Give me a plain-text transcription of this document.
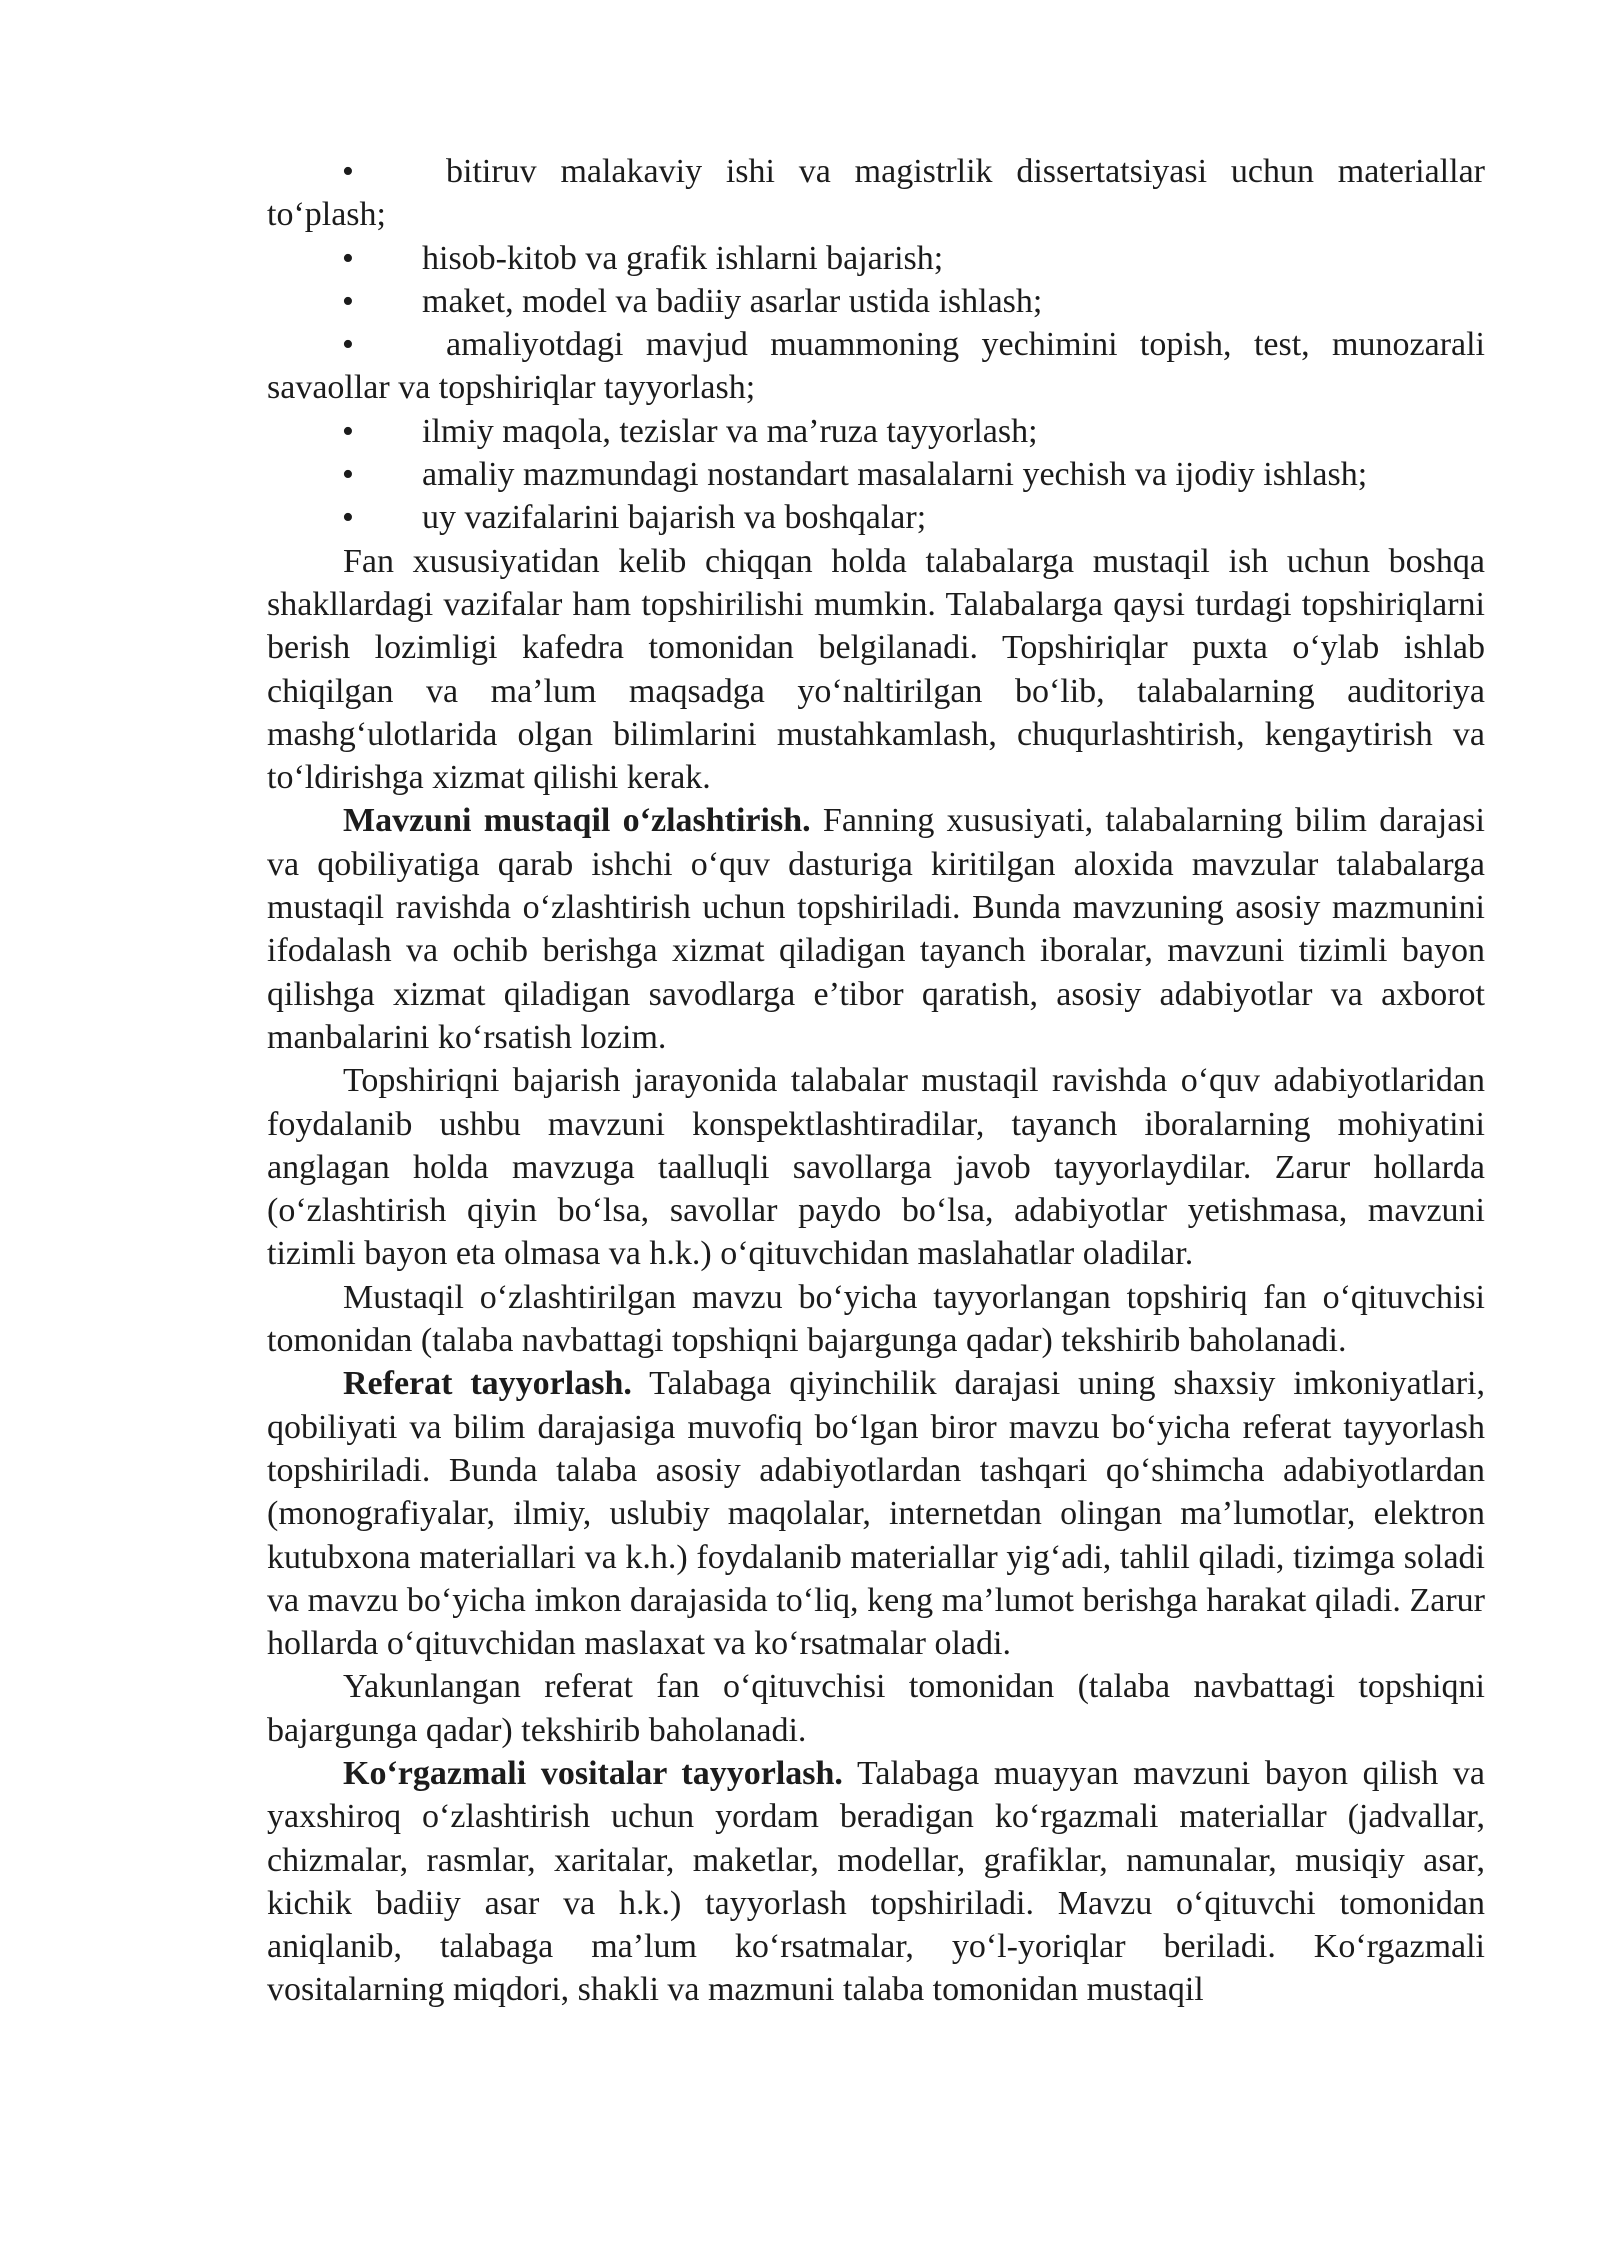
•	bitiruv malakaviy ishi va magistrlik dissertatsiyasi uchun materiallar to‘plash;

• hisob-kitob va grafik ishlarni bajarish;

• maket, model va badiiy asarlar ustida ishlash;

•	amaliyotdagi mavjud muammoning yechimini topish, test, munozarali savaollar va topshiriqlar tayyorlash;

• ilmiy maqola, tezislar va ma’ruza tayyorlash;

• amaliy mazmundagi nostandart masalalarni yechish va ijodiy ishlash;

• uy vazifalarini bajarish va boshqalar;

Fan xususiyatidan kelib chiqqan holda talabalarga mustaqil ish uchun boshqa shakllardagi vazifalar ham topshirilishi mumkin. Talabalarga qaysi turdagi topshiriqlarni berish lozimligi kafedra tomonidan belgilanadi. Topshiriqlar puxta o‘ylab ishlab chiqilgan va ma’lum maqsadga yo‘naltirilgan bo‘lib, talabalarning auditoriya mashg‘ulotlarida olgan bilimlarini mustahkamlash, chuqurlashtirish, kengaytirish va to‘ldirishga xizmat qilishi kerak.

Mavzuni mustaqil o‘zlashtirish. Fanning xususiyati, talabalarning bilim darajasi va qobiliyatiga qarab ishchi o‘quv dasturiga kiritilgan aloxida mavzular talabalarga mustaqil ravishda o‘zlashtirish uchun topshiriladi. Bunda mavzuning asosiy mazmunini ifodalash va ochib berishga xizmat qiladigan tayanch iboralar, mavzuni tizimli bayon qilishga xizmat qiladigan savodlarga e’tibor qaratish, asosiy adabiyotlar va axborot manbalarini ko‘rsatish lozim.

Topshiriqni bajarish jarayonida talabalar mustaqil ravishda o‘quv adabiyotlaridan foydalanib ushbu mavzuni konspektlashtiradilar, tayanch iboralarning mohiyatini anglagan holda mavzuga taalluqli savollarga javob tayyorlaydilar. Zarur hollarda (o‘zlashtirish qiyin bo‘lsa, savollar paydo bo‘lsa, adabiyotlar yetishmasa, mavzuni tizimli bayon eta olmasa va h.k.) o‘qituvchidan maslahatlar oladilar.

Mustaqil o‘zlashtirilgan mavzu bo‘yicha tayyorlangan topshiriq fan o‘qituvchisi tomonidan (talaba navbattagi topshiqni bajargunga qadar) tekshirib baholanadi.

Referat tayyorlash. Talabaga qiyinchilik darajasi uning shaxsiy imkoniyatlari, qobiliyati va bilim darajasiga muvofiq bo‘lgan biror mavzu bo‘yicha referat tayyorlash topshiriladi. Bunda talaba asosiy adabiyotlardan tashqari qo‘shimcha adabiyotlardan (monografiyalar, ilmiy, uslubiy maqolalar, internetdan olingan ma’lumotlar, elektron kutubxona materiallari va k.h.) foydalanib materiallar yig‘adi, tahlil qiladi, tizimga soladi va mavzu bo‘yicha imkon darajasida to‘liq, keng ma’lumot berishga harakat qiladi. Zarur hollarda o‘qituvchidan maslaxat va ko‘rsatmalar oladi.

Yakunlangan referat fan o‘qituvchisi tomonidan (talaba navbattagi topshiqni bajargunga qadar) tekshirib baholanadi.

Ko‘rgazmali vositalar tayyorlash. Talabaga muayyan mavzuni bayon qilish va yaxshiroq o‘zlashtirish uchun yordam beradigan ko‘rgazmali materiallar (jadvallar, chizmalar, rasmlar, xaritalar, maketlar, modellar, grafiklar, namunalar, musiqiy asar, kichik badiiy asar va h.k.) tayyorlash topshiriladi. Mavzu o‘qituvchi tomonidan aniqlanib, talabaga ma’lum ko‘rsatmalar, yo‘l-yoriqlar beriladi. Ko‘rgazmali vositalarning miqdori, shakli va mazmuni talaba tomonidan mustaqil
